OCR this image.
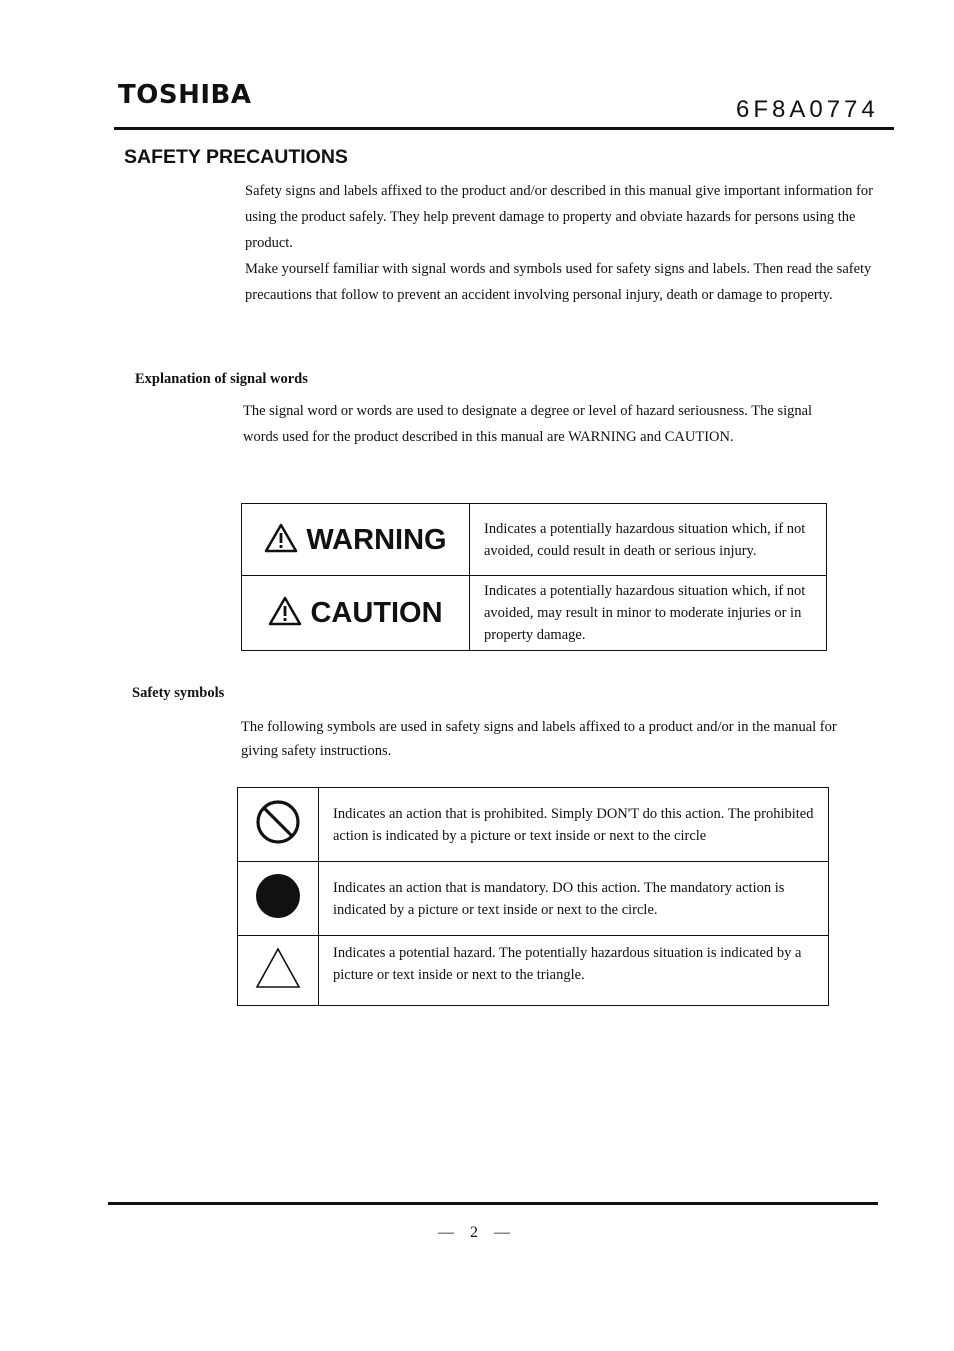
TOSHIBA	6F8A0774
SAFETY PRECAUTIONS

Safety signs and labels affixed to the product and/or described in this manual give important information for using the product safely. They help prevent damage to property and obviate hazards for persons using the product.

Make yourself familiar with signal words and symbols used for safety signs and labels. Then read the safety precautions that follow to prevent an accident involving personal injury, death or damage to property.

Explanation of signal words
The signal word or words are used to designate a degree or level of hazard seriousness. The signal words used for the product described in this manual are WARNING and CAUTION.
WARNING	Indicates a potentially hazardous situation which, if not avoided, could result in death or serious injury.

CAUTION	Indicates a potentially hazardous situation which, if not avoided, may result in minor to moderate injuries or in property damage.
Safety symbols
The following symbols are used in safety signs and labels affixed to a product and/or in the manual for giving safety instructions.
	Indicates an action that is prohibited. Simply DON'T do this action. The prohibited action is indicated by a picture or text inside or next to the circle
	Indicates an action that is mandatory. DO this action. The mandatory action is indicated by a picture or text inside or next to the circle.
	Indicates a potential hazard. The potentially hazardous situation is indicated by a picture or text inside or next to the triangle.
— 2 —
